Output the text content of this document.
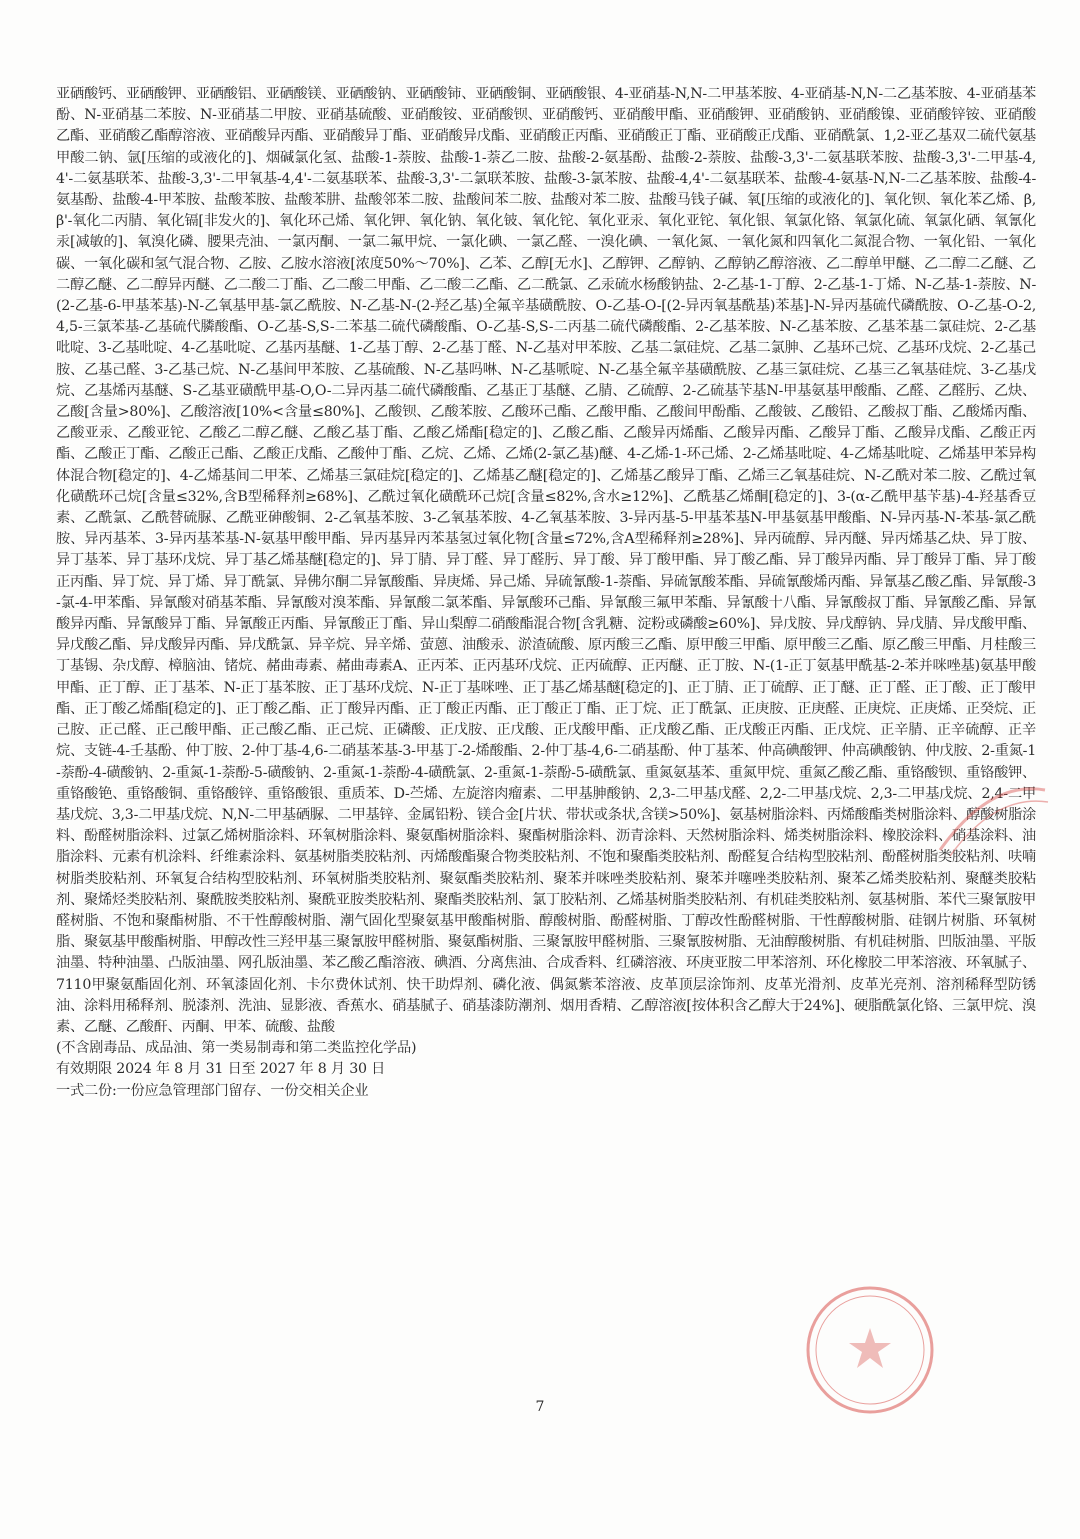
亚硒酸钙、亚硒酸钾、亚硒酸铝、亚硒酸镁、亚硒酸钠、亚硒酸铈、亚硒酸铜、亚硒酸银、4-亚硝基-N,N-二甲基苯胺、4-亚硝基-N,N-二乙基苯胺、4-亚硝基苯酚、N-亚硝基二苯胺、N-亚硝基二甲胺、亚硝基硫酸、亚硝酸铵、亚硝酸钡、亚硝酸钙、亚硝酸甲酯、亚硝酸钾、亚硝酸钠、亚硝酸镍、亚硝酸锌铵、亚硝酸乙酯、亚硝酸乙酯醇溶液、亚硝酸异丙酯、亚硝酸异丁酯、亚硝酸异戊酯、亚硝酸正丙酯、亚硝酸正丁酯、亚硝酸正戊酯、亚硝酰氯、1,2-亚乙基双二硫代氨基甲酸二钠、氩[压缩的或液化的]、烟碱氯化氢、盐酸-1-萘胺、盐酸-1-萘乙二胺、盐酸-2-氨基酚、盐酸-2-萘胺、盐酸-3,3'-二氨基联苯胺、盐酸-3,3'-二甲基-4,4'-二氨基联苯、盐酸-3,3'-二甲氧基-4,4'-二氨基联苯、盐酸-3,3'-二氯联苯胺、盐酸-3-氯苯胺、盐酸-4,4'-二氨基联苯、盐酸-4-氨基-N,N-二乙基苯胺、盐酸-4-氨基酚、盐酸-4-甲苯胺、盐酸苯胺、盐酸苯肼、盐酸邻苯二胺、盐酸间苯二胺、盐酸对苯二胺、盐酸马钱子碱、氧[压缩的或液化的]、氧化钡、氧化苯乙烯、β,β'-氧化二丙腈、氧化镉[非发火的]、氧化环己烯、氧化钾、氧化钠、氧化铍、氧化铊、氧化亚汞、氧化亚铊、氧化银、氧氯化铬、氧氯化硫、氧氯化硒、氧氰化汞[减敏的]、氧溴化磷、腰果壳油、一氯丙酮、一氯二氟甲烷、一氯化碘、一氯乙醛、一溴化碘、一氧化氮、一氧化氮和四氧化二氮混合物、一氧化铅、一氧化碳、一氧化碳和氢气混合物、乙胺、乙胺水溶液[浓度50%～70%]、乙苯、乙醇[无水]、乙醇钾、乙醇钠、乙醇钠乙醇溶液、乙二醇单甲醚、乙二醇二乙醚、乙二醇乙醚、乙二醇异丙醚、乙二酸二丁酯、乙二酸二甲酯、乙二酸二乙酯、乙二酰氯、乙汞硫水杨酸钠盐、2-乙基-1-丁醇、2-乙基-1-丁烯、N-乙基-1-萘胺、N-(2-乙基-6-甲基苯基)-N-乙氧基甲基-氯乙酰胺、N-乙基-N-(2-羟乙基)全氟辛基磺酰胺、O-乙基-O-[(2-异丙氧基酰基)苯基]-N-异丙基硫代磷酰胺、O-乙基-O-2,4,5-三氯苯基-乙基硫代膦酸酯、O-乙基-S,S-二苯基二硫代磷酸酯、O-乙基-S,S-二丙基二硫代磷酸酯、2-乙基苯胺、N-乙基苯胺、乙基苯基二氯硅烷、2-乙基吡啶、3-乙基吡啶、4-乙基吡啶、乙基丙基醚、1-乙基丁醇、2-乙基丁醛、N-乙基对甲苯胺、乙基二氯硅烷、乙基二氯胂、乙基环己烷、乙基环戊烷、2-乙基己胺、乙基己醛、3-乙基己烷、N-乙基间甲苯胺、乙基硫酸、N-乙基吗啉、N-乙基哌啶、N-乙基全氟辛基磺酰胺、乙基三氯硅烷、乙基三乙氧基硅烷、3-乙基戊烷、乙基烯丙基醚、S-乙基亚磺酰甲基-O,O-二异丙基二硫代磷酸酯、乙基正丁基醚、乙腈、乙硫醇、2-乙硫基苄基N-甲基氨基甲酸酯、乙醛、乙醛肟、乙炔、乙酸[含量>80%]、乙酸溶液[10%<含量≤80%]、乙酸钡、乙酸苯胺、乙酸环己酯、乙酸甲酯、乙酸间甲酚酯、乙酸铍、乙酸铅、乙酸叔丁酯、乙酸烯丙酯、乙酸亚汞、乙酸亚铊、乙酸乙二醇乙醚、乙酸乙基丁酯、乙酸乙烯酯[稳定的]、乙酸乙酯、乙酸异丙烯酯、乙酸异丙酯、乙酸异丁酯、乙酸异戊酯、乙酸正丙酯、乙酸正丁酯、乙酸正己酯、乙酸正戊酯、乙酸仲丁酯、乙烷、乙烯、乙烯(2-氯乙基)醚、4-乙烯-1-环己烯、2-乙烯基吡啶、4-乙烯基吡啶、乙烯基甲苯异构体混合物[稳定的]、4-乙烯基间二甲苯、乙烯基三氯硅烷[稳定的]、乙烯基乙醚[稳定的]、乙烯基乙酸异丁酯、乙烯三乙氧基硅烷、N-乙酰对苯二胺、乙酰过氧化磺酰环己烷[含量≤32%,含B型稀释剂≥68%]、乙酰过氧化磺酰环己烷[含量≤82%,含水≥12%]、乙酰基乙烯酮[稳定的]、3-(α-乙酰甲基苄基)-4-羟基香豆素、乙酰氯、乙酰替硫脲、乙酰亚砷酸铜、2-乙氧基苯胺、3-乙氧基苯胺、4-乙氧基苯胺、3-异丙基-5-甲基苯基N-甲基氨基甲酸酯、N-异丙基-N-苯基-氯乙酰胺、异丙基苯、3-异丙基苯基-N-氨基甲酸甲酯、异丙基异丙苯基氢过氧化物[含量≤72%,含A型稀释剂≥28%]、异丙硫醇、异丙醚、异丙烯基乙炔、异丁胺、异丁基苯、异丁基环戊烷、异丁基乙烯基醚[稳定的]、异丁腈、异丁醛、异丁醛肟、异丁酸、异丁酸甲酯、异丁酸乙酯、异丁酸异丙酯、异丁酸异丁酯、异丁酸正丙酯、异丁烷、异丁烯、异丁酰氯、异佛尔酮二异氰酸酯、异庚烯、异己烯、异硫氰酸-1-萘酯、异硫氰酸苯酯、异硫氰酸烯丙酯、异氰基乙酸乙酯、异氰酸-3-氯-4-甲苯酯、异氰酸对硝基苯酯、异氰酸对溴苯酯、异氰酸二氯苯酯、异氰酸环己酯、异氰酸三氟甲苯酯、异氰酸十八酯、异氰酸叔丁酯、异氰酸乙酯、异氰酸异丙酯、异氰酸异丁酯、异氰酸正丙酯、异氰酸正丁酯、异山梨醇二硝酸酯混合物[含乳糖、淀粉或磷酸≥60%]、异戊胺、异戊醇钠、异戊腈、异戊酸甲酯、异戊酸乙酯、异戊酸异丙酯、异戊酰氯、异辛烷、异辛烯、萤蒽、油酸汞、淤渣硫酸、原丙酸三乙酯、原甲酸三甲酯、原甲酸三乙酯、原乙酸三甲酯、月桂酸三丁基锡、杂戊醇、樟脑油、锗烷、赭曲毒素、赭曲毒素A、正丙苯、正丙基环戊烷、正丙硫醇、正丙醚、正丁胺、N-(1-正丁氨基甲酰基-2-苯并咪唑基)氨基甲酸甲酯、正丁醇、正丁基苯、N-正丁基苯胺、正丁基环戊烷、N-正丁基咪唑、正丁基乙烯基醚[稳定的]、正丁腈、正丁硫醇、正丁醚、正丁醛、正丁酸、正丁酸甲酯、正丁酸乙烯酯[稳定的]、正丁酸乙酯、正丁酸异丙酯、正丁酸正丙酯、正丁酸正丁酯、正丁烷、正丁酰氯、正庚胺、正庚醛、正庚烷、正庚烯、正癸烷、正己胺、正己醛、正己酸甲酯、正己酸乙酯、正己烷、正磷酸、正戊胺、正戊酸、正戊酸甲酯、正戊酸乙酯、正戊酸正丙酯、正戊烷、正辛腈、正辛硫醇、正辛烷、支链-4-壬基酚、仲丁胺、2-仲丁基-4,6-二硝基苯基-3-甲基丁-2-烯酸酯、2-仲丁基-4,6-二硝基酚、仲丁基苯、仲高碘酸钾、仲高碘酸钠、仲戊胺、2-重氮-1-萘酚-4-磺酸钠、2-重氮-1-萘酚-5-磺酸钠、2-重氮-1-萘酚-4-磺酰氯、2-重氮-1-萘酚-5-磺酰氯、重氮氨基苯、重氮甲烷、重氮乙酸乙酯、重铬酸钡、重铬酸钾、重铬酸铯、重铬酸铜、重铬酸锌、重铬酸银、重质苯、D-苎烯、左旋溶肉瘤素、二甲基胂酸钠、2,3-二甲基戊醛、2,2-二甲基戊烷、2,3-二甲基戊烷、2,4-二甲基戊烷、3,3-二甲基戊烷、N,N-二甲基硒脲、二甲基锌、金属铅粉、镁合金[片状、带状或条状,含镁>50%]、氨基树脂涂料、丙烯酸酯类树脂涂料、醇酸树脂涂料、酚醛树脂涂料、过氯乙烯树脂涂料、环氧树脂涂料、聚氨酯树脂涂料、聚酯树脂涂料、沥青涂料、天然树脂涂料、烯类树脂涂料、橡胶涂料、硝基涂料、油脂涂料、元素有机涂料、纤维素涂料、氨基树脂类胶粘剂、丙烯酸酯聚合物类胶粘剂、不饱和聚酯类胶粘剂、酚醛复合结构型胶粘剂、酚醛树脂类胶粘剂、呋喃树脂类胶粘剂、环氧复合结构型胶粘剂、环氧树脂类胶粘剂、聚氨酯类胶粘剂、聚苯并咪唑类胶粘剂、聚苯并噻唑类胶粘剂、聚苯乙烯类胶粘剂、聚醚类胶粘剂、聚烯烃类胶粘剂、聚酰胺类胶粘剂、聚酰亚胺类胶粘剂、聚酯类胶粘剂、氯丁胶粘剂、乙烯基树脂类胶粘剂、有机硅类胶粘剂、氨基树脂、苯代三聚氰胺甲醛树脂、不饱和聚酯树脂、不干性醇酸树脂、潮气固化型聚氨基甲酸酯树脂、醇酸树脂、酚醛树脂、丁醇改性酚醛树脂、干性醇酸树脂、硅钢片树脂、环氧树脂、聚氨基甲酸酯树脂、甲醇改性三羟甲基三聚氰胺甲醛树脂、聚氨酯树脂、三聚氰胺甲醛树脂、三聚氰胺树脂、无油醇酸树脂、有机硅树脂、凹版油墨、平版油墨、特种油墨、凸版油墨、网孔版油墨、苯乙酸乙酯溶液、碘酒、分离焦油、合成香料、红磷溶液、环庚亚胺二甲苯溶剂、环化橡胶二甲苯溶液、环氧腻子、7110甲聚氨酯固化剂、环氧漆固化剂、卡尔费休试剂、快干助焊剂、磷化液、偶氮紫苯溶液、皮革顶层涂饰剂、皮革光滑剂、皮革光亮剂、溶剂稀释型防锈油、涂料用稀释剂、脱漆剂、洗油、显影液、香蕉水、硝基腻子、硝基漆防潮剂、烟用香精、乙醇溶液[按体积含乙醇大于24%]、硬脂酰氯化铬、三氯甲烷、溴素、乙醚、乙酸酐、丙酮、甲苯、硫酸、盐酸

(不含剧毒品、成品油、第一类易制毒和第二类监控化学品)

有效期限 2024 年 8 月 31 日至 2027 年 8 月 30 日

一式二份:一份应急管理部门留存、一份交相关企业

7
